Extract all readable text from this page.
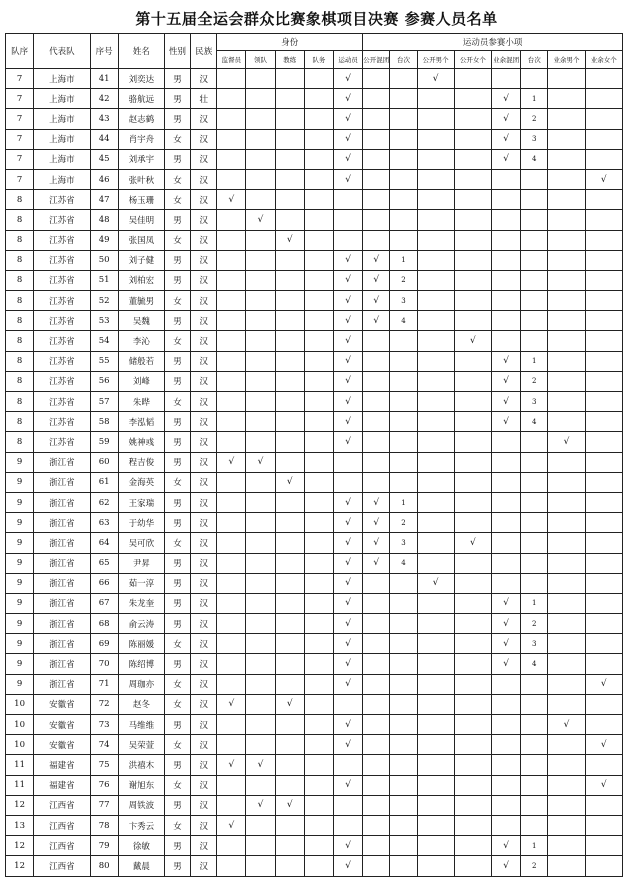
第十五届全运会群众比赛象棋项目决赛 参赛人员名单
队序	代表队	序号	姓名	性别	民族	身份					运动员参赛小项							
						监督员	领队	教练	队务	运动员	公开混团	台次	公开男个	公开女个	业余混团	台次	业余男个	业余女个
7	上海市	41	刘奕达	男	汉					√			√					
7	上海市	42	骆航远	男	壮					√					√	1		
7	上海市	43	赵志鹤	男	汉					√					√	2		
7	上海市	44	肖宇舟	女	汉					√					√	3		
7	上海市	45	刘承宇	男	汉					√					√	4		
7	上海市	46	张叶秋	女	汉					√								√
8	江苏省	47	杨玉珊	女	汉	√												
8	江苏省	48	吴佳明	男	汉		√											
8	江苏省	49	张国凤	女	汉			√										
8	江苏省	50	刘子健	男	汉					√	√	1						
8	江苏省	51	刘柏宏	男	汉					√	√	2						
8	江苏省	52	董毓男	女	汉					√	√	3						
8	江苏省	53	吴魏	男	汉					√	√	4						
8	江苏省	54	李沁	女	汉					√				√				
8	江苏省	55	储般若	男	汉					√					√	1		
8	江苏省	56	刘峰	男	汉					√					√	2		
8	江苏省	57	朱晔	女	汉					√					√	3		
8	江苏省	58	李泓韬	男	汉					√					√	4		
8	江苏省	59	姚神彧	男	汉					√							√	
9	浙江省	60	程吉俊	男	汉	√	√											
9	浙江省	61	金海英	女	汉			√										
9	浙江省	62	王家瑞	男	汉					√	√	1						
9	浙江省	63	于幼华	男	汉					√	√	2						
9	浙江省	64	吴可欣	女	汉					√	√	3		√				
9	浙江省	65	尹昇	男	汉					√	√	4						
9	浙江省	66	茹一淳	男	汉					√			√					
9	浙江省	67	朱龙奎	男	汉					√					√	1		
9	浙江省	68	俞云涛	男	汉					√					√	2		
9	浙江省	69	陈丽媛	女	汉					√					√	3		
9	浙江省	70	陈绍博	男	汉					√					√	4		
9	浙江省	71	周珈亦	女	汉					√								√
10	安徽省	72	赵冬	女	汉	√		√										
10	安徽省	73	马维维	男	汉					√							√	
10	安徽省	74	吴荣萱	女	汉					√								√
11	福建省	75	洪禧木	男	汉	√	√											
11	福建省	76	谢旭东	女	汉					√								√
12	江西省	77	周铁波	男	汉		√	√										
13	江西省	78	卞秀云	女	汉	√												
12	江西省	79	徐敏	男	汉					√					√	1		
12	江西省	80	戴晨	男	汉					√					√	2		
